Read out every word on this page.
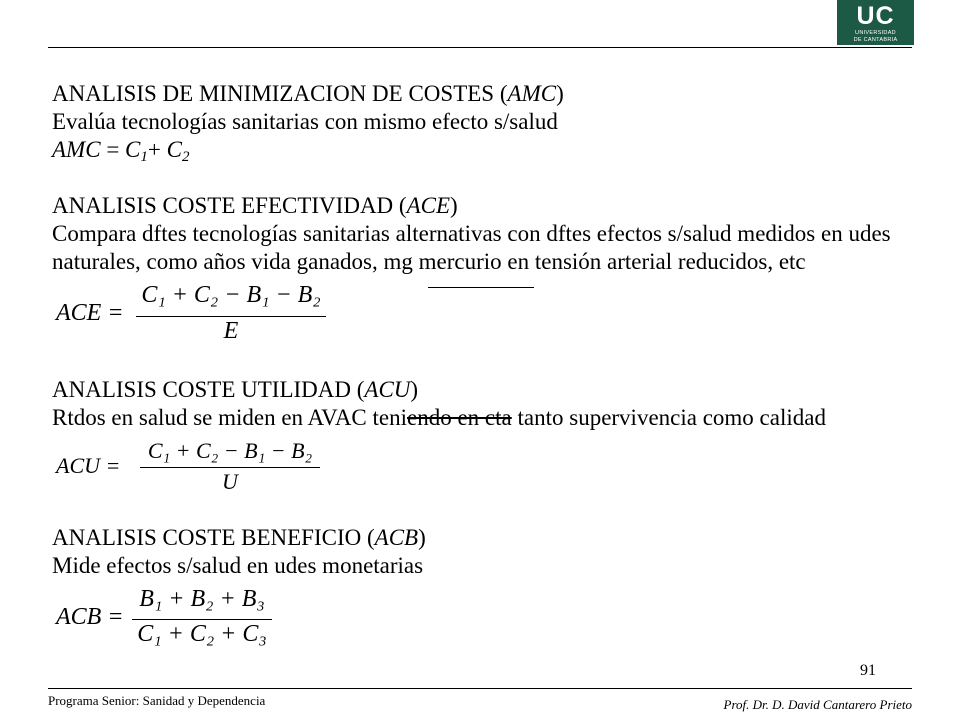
UC
UNIVERSIDAD
DE CANTABRIA
ANALISIS DE MINIMIZACION DE COSTES (AMC)
Evalúa tecnologías sanitarias con mismo efecto s/salud
AMC = $C_1+ C_2$
ANALISIS COSTE EFECTIVIDAD (ACE)
Compara dftes tecnologías sanitarias alternativas con dftes efectos s/salud medidos en udes
naturales, como años vida ganados, mg mercurio en tensión arterial reducidos, etc
ACE =
C₁ + C₂ − B₁ − B₂
E
ANALISIS COSTE UTILIDAD (ACU)
Rtdos en salud se miden en AVAC teniendo en cta tanto supervivencia como calidad
ACU =
C₁ + C₂ − B₁ − B₂
U
ANALISIS COSTE BENEFICIO (ACB)
Mide efectos s/salud en udes monetarias
ACB =
B₁ + B₂ + B₃
C₁ + C₂ + C₃
91
Programa Senior: Sanidad y Dependencia	Prof. Dr. D. David Cantarero Prieto
